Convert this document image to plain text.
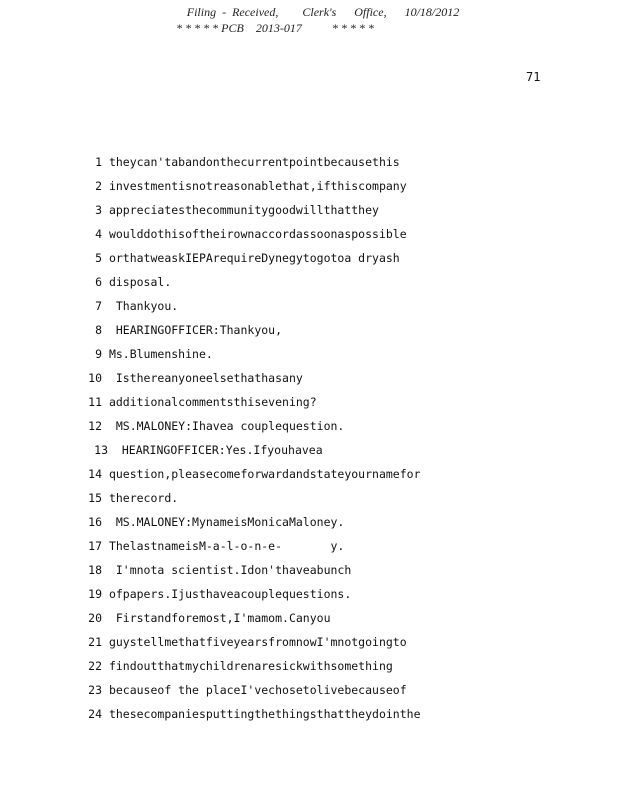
Filing  -  Received,        Clerk's      Office,      10/18/2012
* * * * * PCB    2013-017          * * * * *
71
1 theycan'tabandonthecurrentpointbecausethis
2 investmentisnotreasonablethat,ifthiscompany
3 appreciatesthecommunitygoodwillthatthey
4 woulddothisoftheirownaccordassoonaspossible
5 orthatweaskIEPArequireDynegytogotoa dryash
6 disposal.
7  Thankyou.
8  HEARINGOFFICER:Thankyou,
9 Ms.Blumenshine.
10  Isthereanyoneelsethathasany
11 additionalcommentsthisevening?
12  MS.MALONEY:Ihavea couplequestion.
13  HEARINGOFFICER:Yes.Ifyouhavea
14 question,pleasecomeforwardandstateyournamefor
15 therecord.
16  MS.MALONEY:MynameisMonicaMaloney.
17 ThelastnameisM-a-l-o-n-e-       y.
18  I'mnota scientist.Idon'thaveabunch
19 ofpapers.Ijusthaveacouplequestions.
20  Firstandforemost,I'mamom.Canyou
21 guystellmethatfiveyearsfromnowI'mnotgoingto
22 findoutthatmychildrenaresickwithsomething
23 becauseof the placeI'vechosetolivebecauseof
24 thesecompaniesputtingthethingsthattheydointhe
